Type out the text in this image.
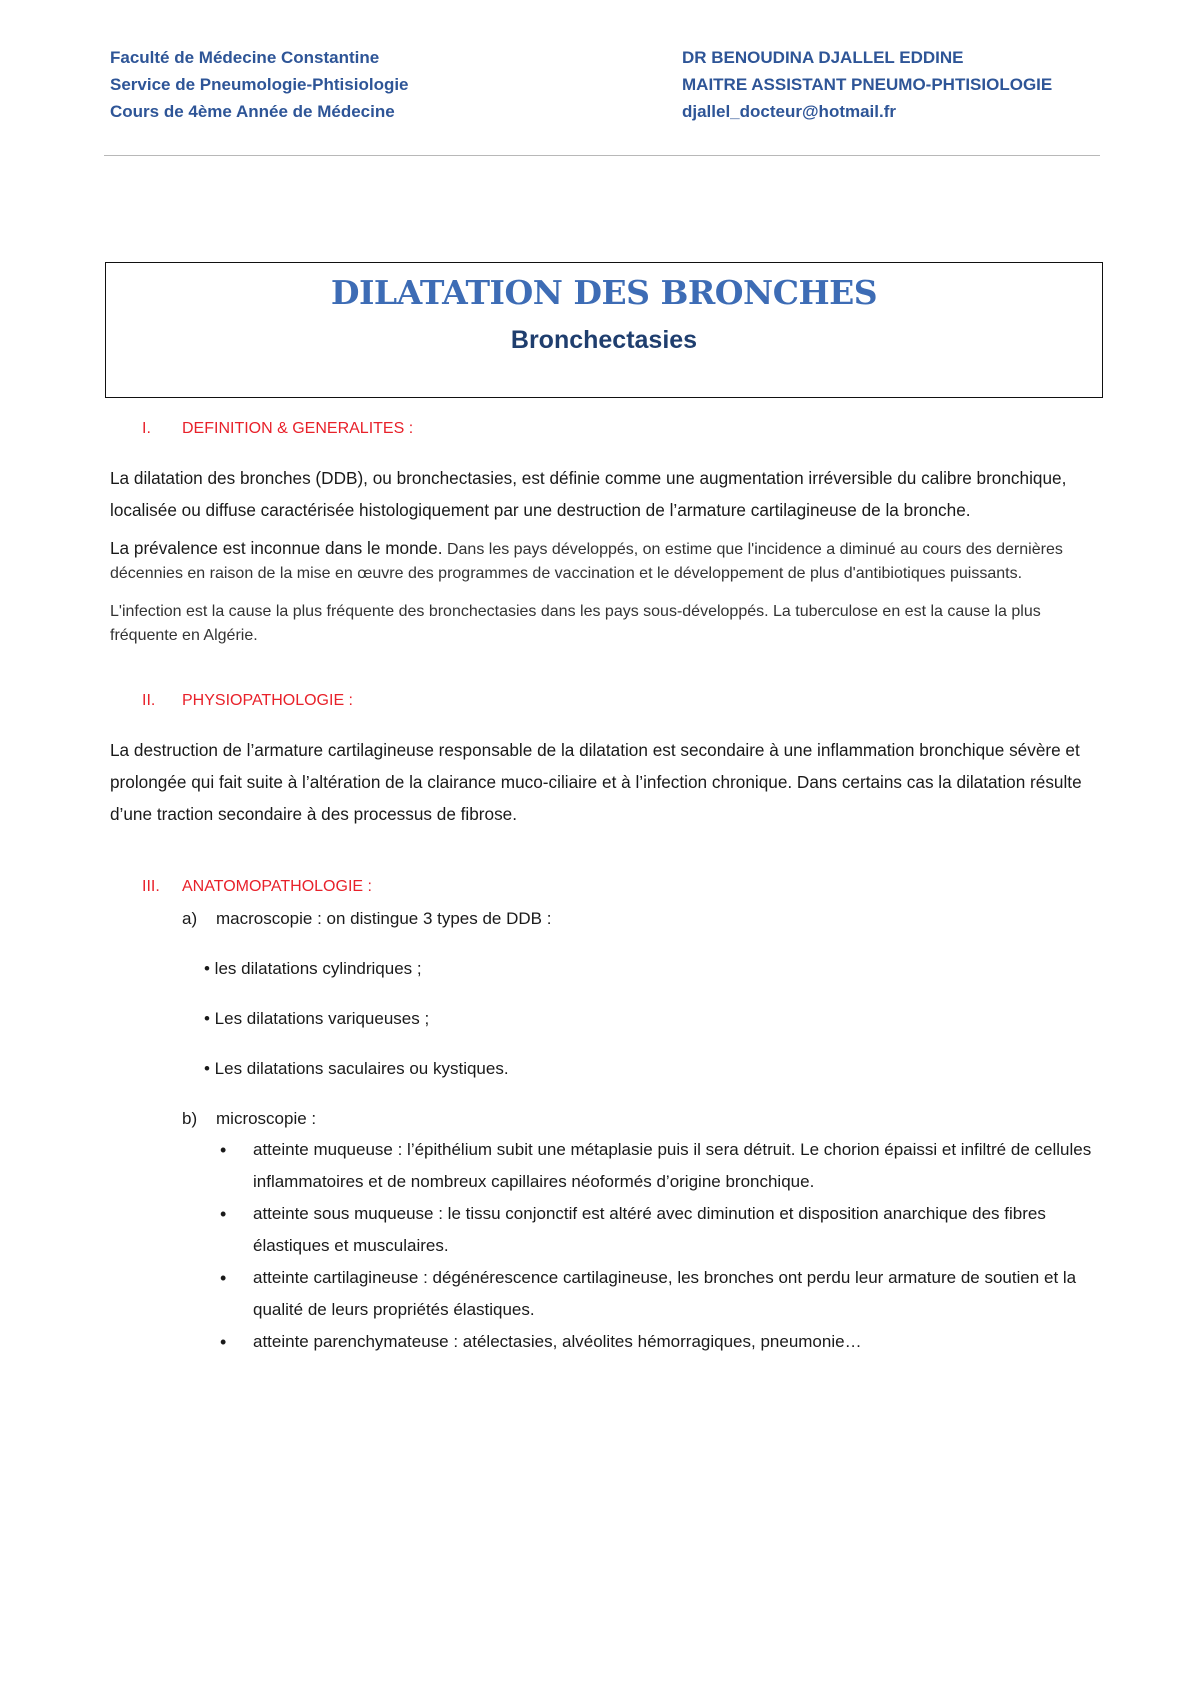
Faculté de Médecine Constantine
Service de Pneumologie-Phtisiologie
Cours de 4ème Année de Médecine
DR BENOUDINA DJALLEL EDDINE
MAITRE ASSISTANT PNEUMO-PHTISIOLOGIE
djallel_docteur@hotmail.fr
DILATATION DES BRONCHES
Bronchectasies
I.	DEFINITION & GENERALITES :

La dilatation des bronches (DDB), ou bronchectasies, est définie comme une augmentation irréversible du calibre bronchique, localisée ou diffuse caractérisée histologiquement par une destruction de l’armature cartilagineuse de la bronche.

La prévalence est inconnue dans le monde. Dans les pays développés, on estime que l'incidence a diminué au cours des dernières décennies en raison de la mise en œuvre des programmes de vaccination et le développement de plus d'antibiotiques puissants.

L'infection est la cause la plus fréquente des bronchectasies dans les pays sous-développés. La tuberculose en est la cause la plus fréquente en Algérie.

II.	PHYSIOPATHOLOGIE :

La destruction de l’armature cartilagineuse responsable de la dilatation est secondaire à une inflammation bronchique sévère et prolongée qui fait suite à l’altération de la clairance muco-ciliaire et à l’infection chronique. Dans certains cas la dilatation résulte d’une traction secondaire à des processus de fibrose.

III.	ANATOMOPATHOLOGIE :
a) macroscopie : on distingue 3 types de DDB :

• les dilatations cylindriques ;

• Les dilatations variqueuses ;

• Les dilatations saculaires ou kystiques.

b) microscopie :
• atteinte muqueuse : l’épithélium subit une métaplasie puis il sera détruit. Le chorion épaissi et infiltré de cellules inflammatoires et de nombreux capillaires néoformés d’origine bronchique.
• atteinte sous muqueuse : le tissu conjonctif est altéré avec diminution et disposition anarchique des fibres élastiques et musculaires.
• atteinte cartilagineuse : dégénérescence cartilagineuse, les bronches ont perdu leur armature de soutien et la qualité de leurs propriétés élastiques.
• atteinte parenchymateuse : atélectasies, alvéolites hémorragiques, pneumonie…
